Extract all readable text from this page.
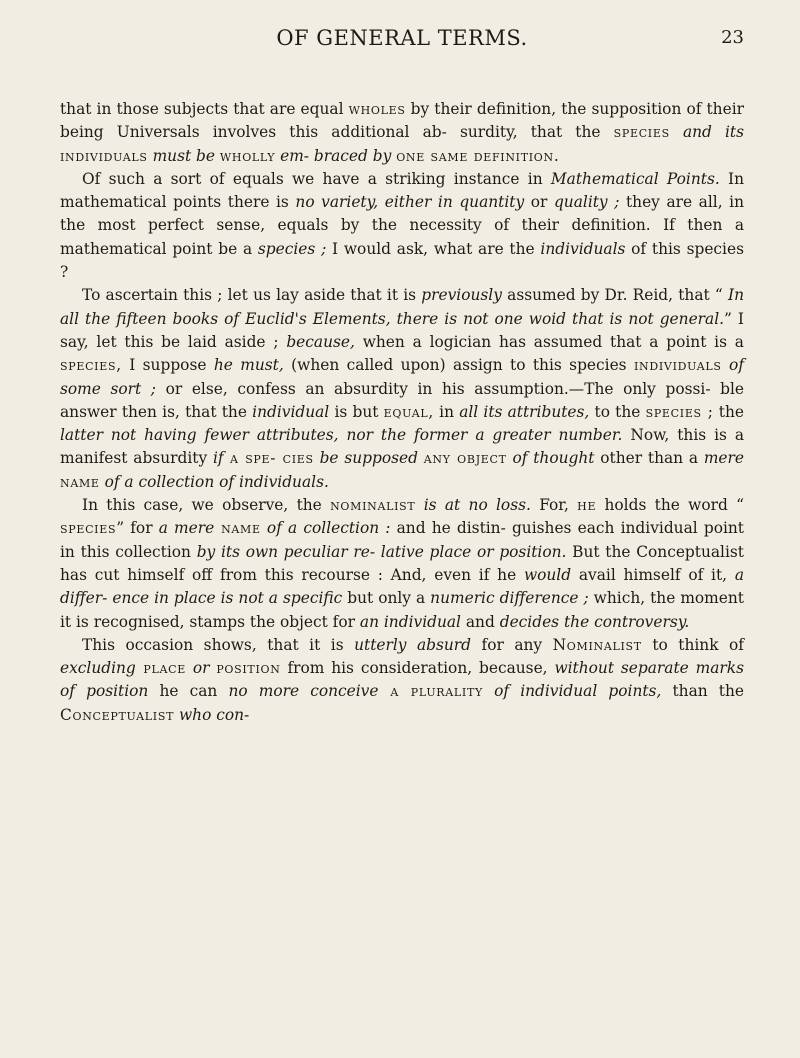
OF GENERAL TERMS.	23

that in those subjects that are equal wholes by their definition, the supposition of their being Universals involves this additional ab- surdity, that the species and its individuals must be wholly em- braced by one same definition.

Of such a sort of equals we have a striking instance in Mathematical Points. In mathematical points there is no variety, either in quantity or quality ; they are all, in the most perfect sense, equals by the necessity of their definition. If then a mathematical point be a species ; I would ask, what are the individuals of this species ?

To ascertain this ; let us lay aside that it is previously assumed by Dr. Reid, that “ In all the fifteen books of Euclid's Elements, there is not one woid that is not general.” I say, let this be laid aside ; because, when a logician has assumed that a point is a species, I suppose he must, (when called upon) assign to this species individuals of some sort ; or else, confess an absurdity in his assumption.—The only possi- ble answer then is, that the individual is but equal, in all its attributes, to the species ; the latter not having fewer attributes, nor the former a greater number. Now, this is a manifest absurdity if a spe- cies be supposed any object of thought other than a mere name of a collection of individuals.

In this case, we observe, the nominalist is at no loss. For, he holds the word “ species” for a mere name of a collection : and he distin- guishes each individual point in this collection by its own peculiar re- lative place or position. But the Conceptualist has cut himself off from this recourse : And, even if he would avail himself of it, a differ- ence in place is not a specific but only a numeric difference ; which, the moment it is recognised, stamps the object for an individual and decides the controversy.

This occasion shows, that it is utterly absurd for any Nominalist to think of excluding place or position from his consideration, because, without separate marks of position he can no more conceive a plurality of individual points, than the Conceptualist who con-
